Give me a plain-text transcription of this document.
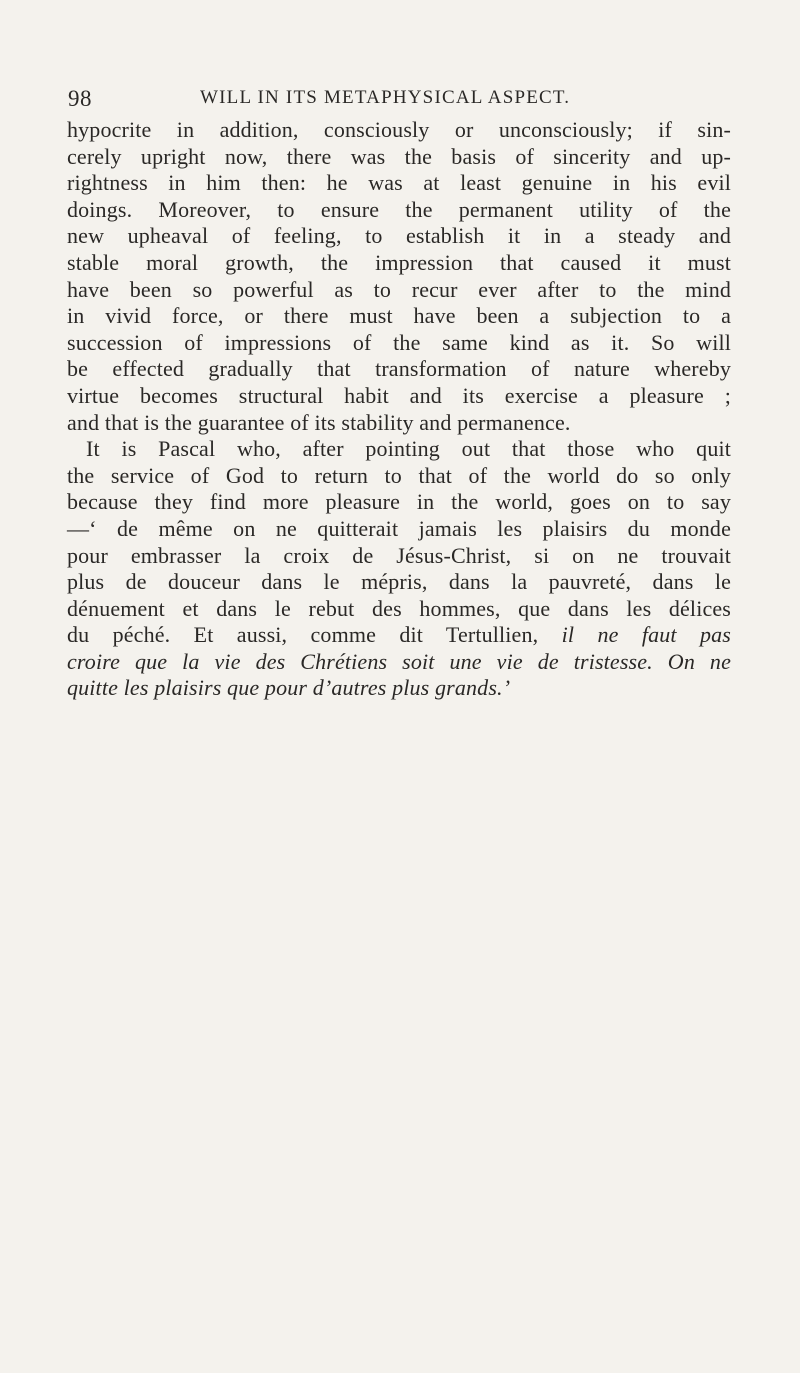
98	WILL IN ITS METAPHYSICAL ASPECT.
hypocrite in addition, consciously or unconsciously; if sin-
cerely upright now, there was the basis of sincerity and up-
rightness in him then: he was at least genuine in his evil
doings. Moreover, to ensure the permanent utility of the
new upheaval of feeling, to establish it in a steady and
stable moral growth, the impression that caused it must
have been so powerful as to recur ever after to the mind
in vivid force, or there must have been a subjection to a
succession of impressions of the same kind as it. So will
be effected gradually that transformation of nature whereby
virtue becomes structural habit and its exercise a pleasure ;
and that is the guarantee of its stability and permanence.
It is Pascal who, after pointing out that those who quit
the service of God to return to that of the world do so only
because they find more pleasure in the world, goes on to say
—‘ de même on ne quitterait jamais les plaisirs du monde
pour embrasser la croix de Jésus-Christ, si on ne trouvait
plus de douceur dans le mépris, dans la pauvreté, dans le
dénuement et dans le rebut des hommes, que dans les délices
du péché. Et aussi, comme dit Tertullien, il ne faut pas
croire que la vie des Chrétiens soit une vie de tristesse. On ne
quitte les plaisirs que pour d’autres plus grands.’
